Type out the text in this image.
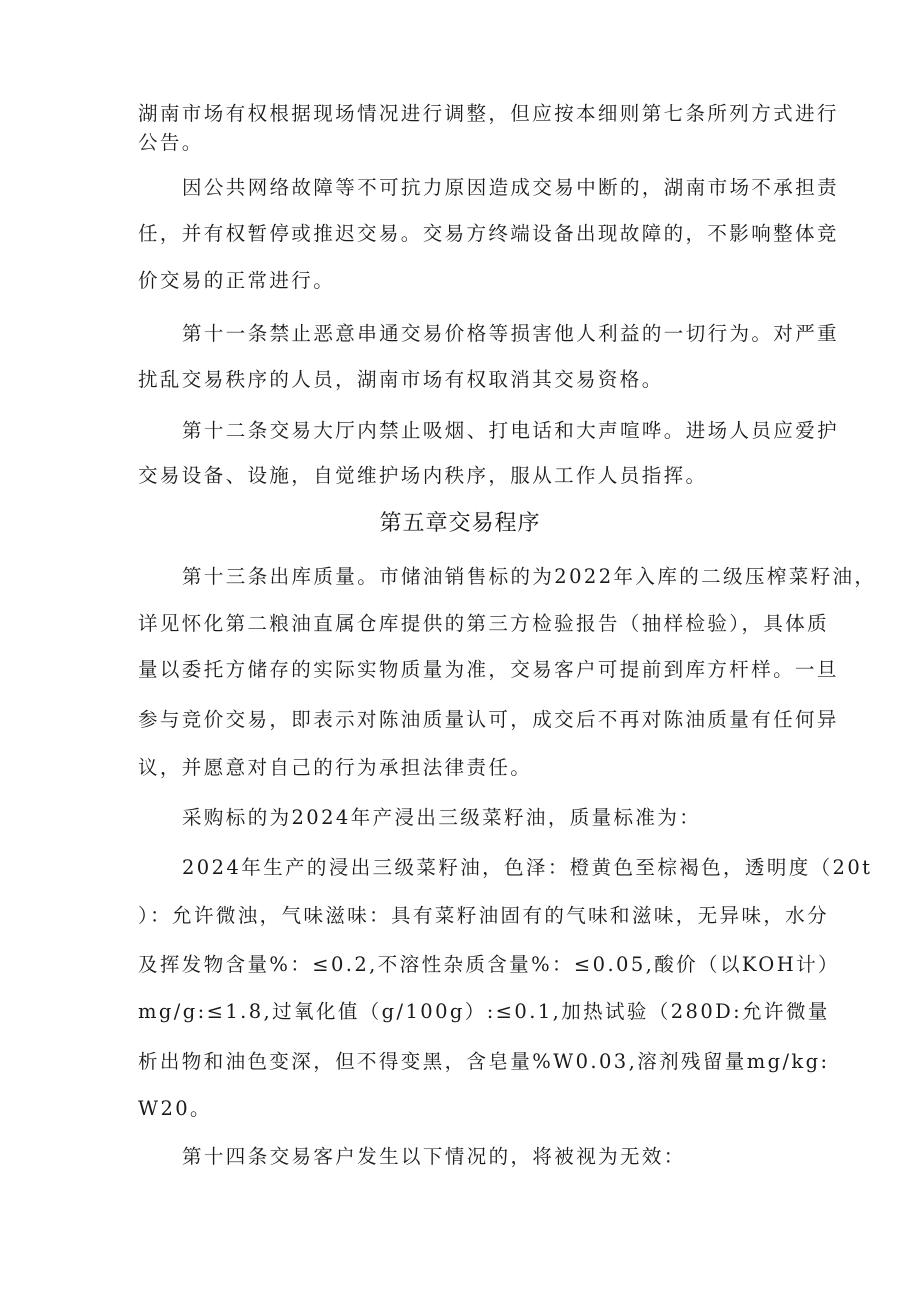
湖南市场有权根据现场情况进行调整，但应按本细则第七条所列方式进行
公告。
因公共网络故障等不可抗力原因造成交易中断的，湖南市场不承担责
任，并有权暂停或推迟交易。交易方终端设备出现故障的，不影响整体竞
价交易的正常进行。
第十一条禁止恶意串通交易价格等损害他人利益的一切行为。对严重
扰乱交易秩序的人员，湖南市场有权取消其交易资格。
第十二条交易大厅内禁止吸烟、打电话和大声喧哗。进场人员应爱护
交易设备、设施，自觉维护场内秩序，服从工作人员指挥。
第五章交易程序
第十三条出库质量。市储油销售标的为2022年入库的二级压榨菜籽油，
详见怀化第二粮油直属仓库提供的第三方检验报告（抽样检验），具体质
量以委托方储存的实际实物质量为准，交易客户可提前到库方杆样。一旦
参与竞价交易，即表示对陈油质量认可，成交后不再对陈油质量有任何异
议，并愿意对自己的行为承担法律责任。
采购标的为2024年产浸出三级菜籽油，质量标准为：
2024年生产的浸出三级菜籽油，色泽：橙黄色至棕褐色，透明度（20t
）：允许微浊，气味滋味：具有菜籽油固有的气味和滋味，无异味，水分
及挥发物含量%：≤0.2,不溶性杂质含量%：≤0.05,酸价（以KOH计）
mg/g:≤1.8,过氧化值（g/100g）:≤0.1,加热试验（280D:允许微量
析出物和油色变深，但不得变黑，含皂量%W0.03,溶剂残留量mg/kg:
W20。
第十四条交易客户发生以下情况的，将被视为无效：
